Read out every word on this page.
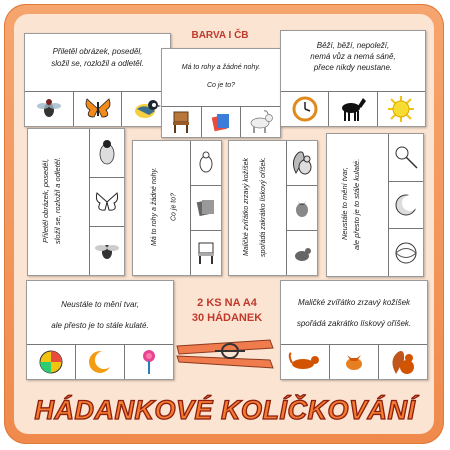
Přiletěl obrázek, poseděl,
složil se, rozložil a odletěl.	Má to rohy a žádné nohy.
Co je to?
BARVA I ČB
Běží, běží, nepoleží,
nemá vůz a nemá sáně,
přece nikdy neustane.
Přiletěl obrázek, poseděl, složil se, rozložil a odletěl.	Má to rohy a žádné nohy.	Co je to?	Maličké zvířátko zrzavý kožíšek	spořádá zakrátko lískový oříšek.	Neustále to mění tvar, ale přesto je to stále kulaté.
Neustále to mění tvar,
ale přesto je to stále kulaté.
2 KS NA A4
30 HÁDANEK
Maličké zvířátko zrzavý kožíšek
spořádá zakrátko lískový oříšek.
HÁDANKOVÉ KOLÍČKOVÁNÍ
